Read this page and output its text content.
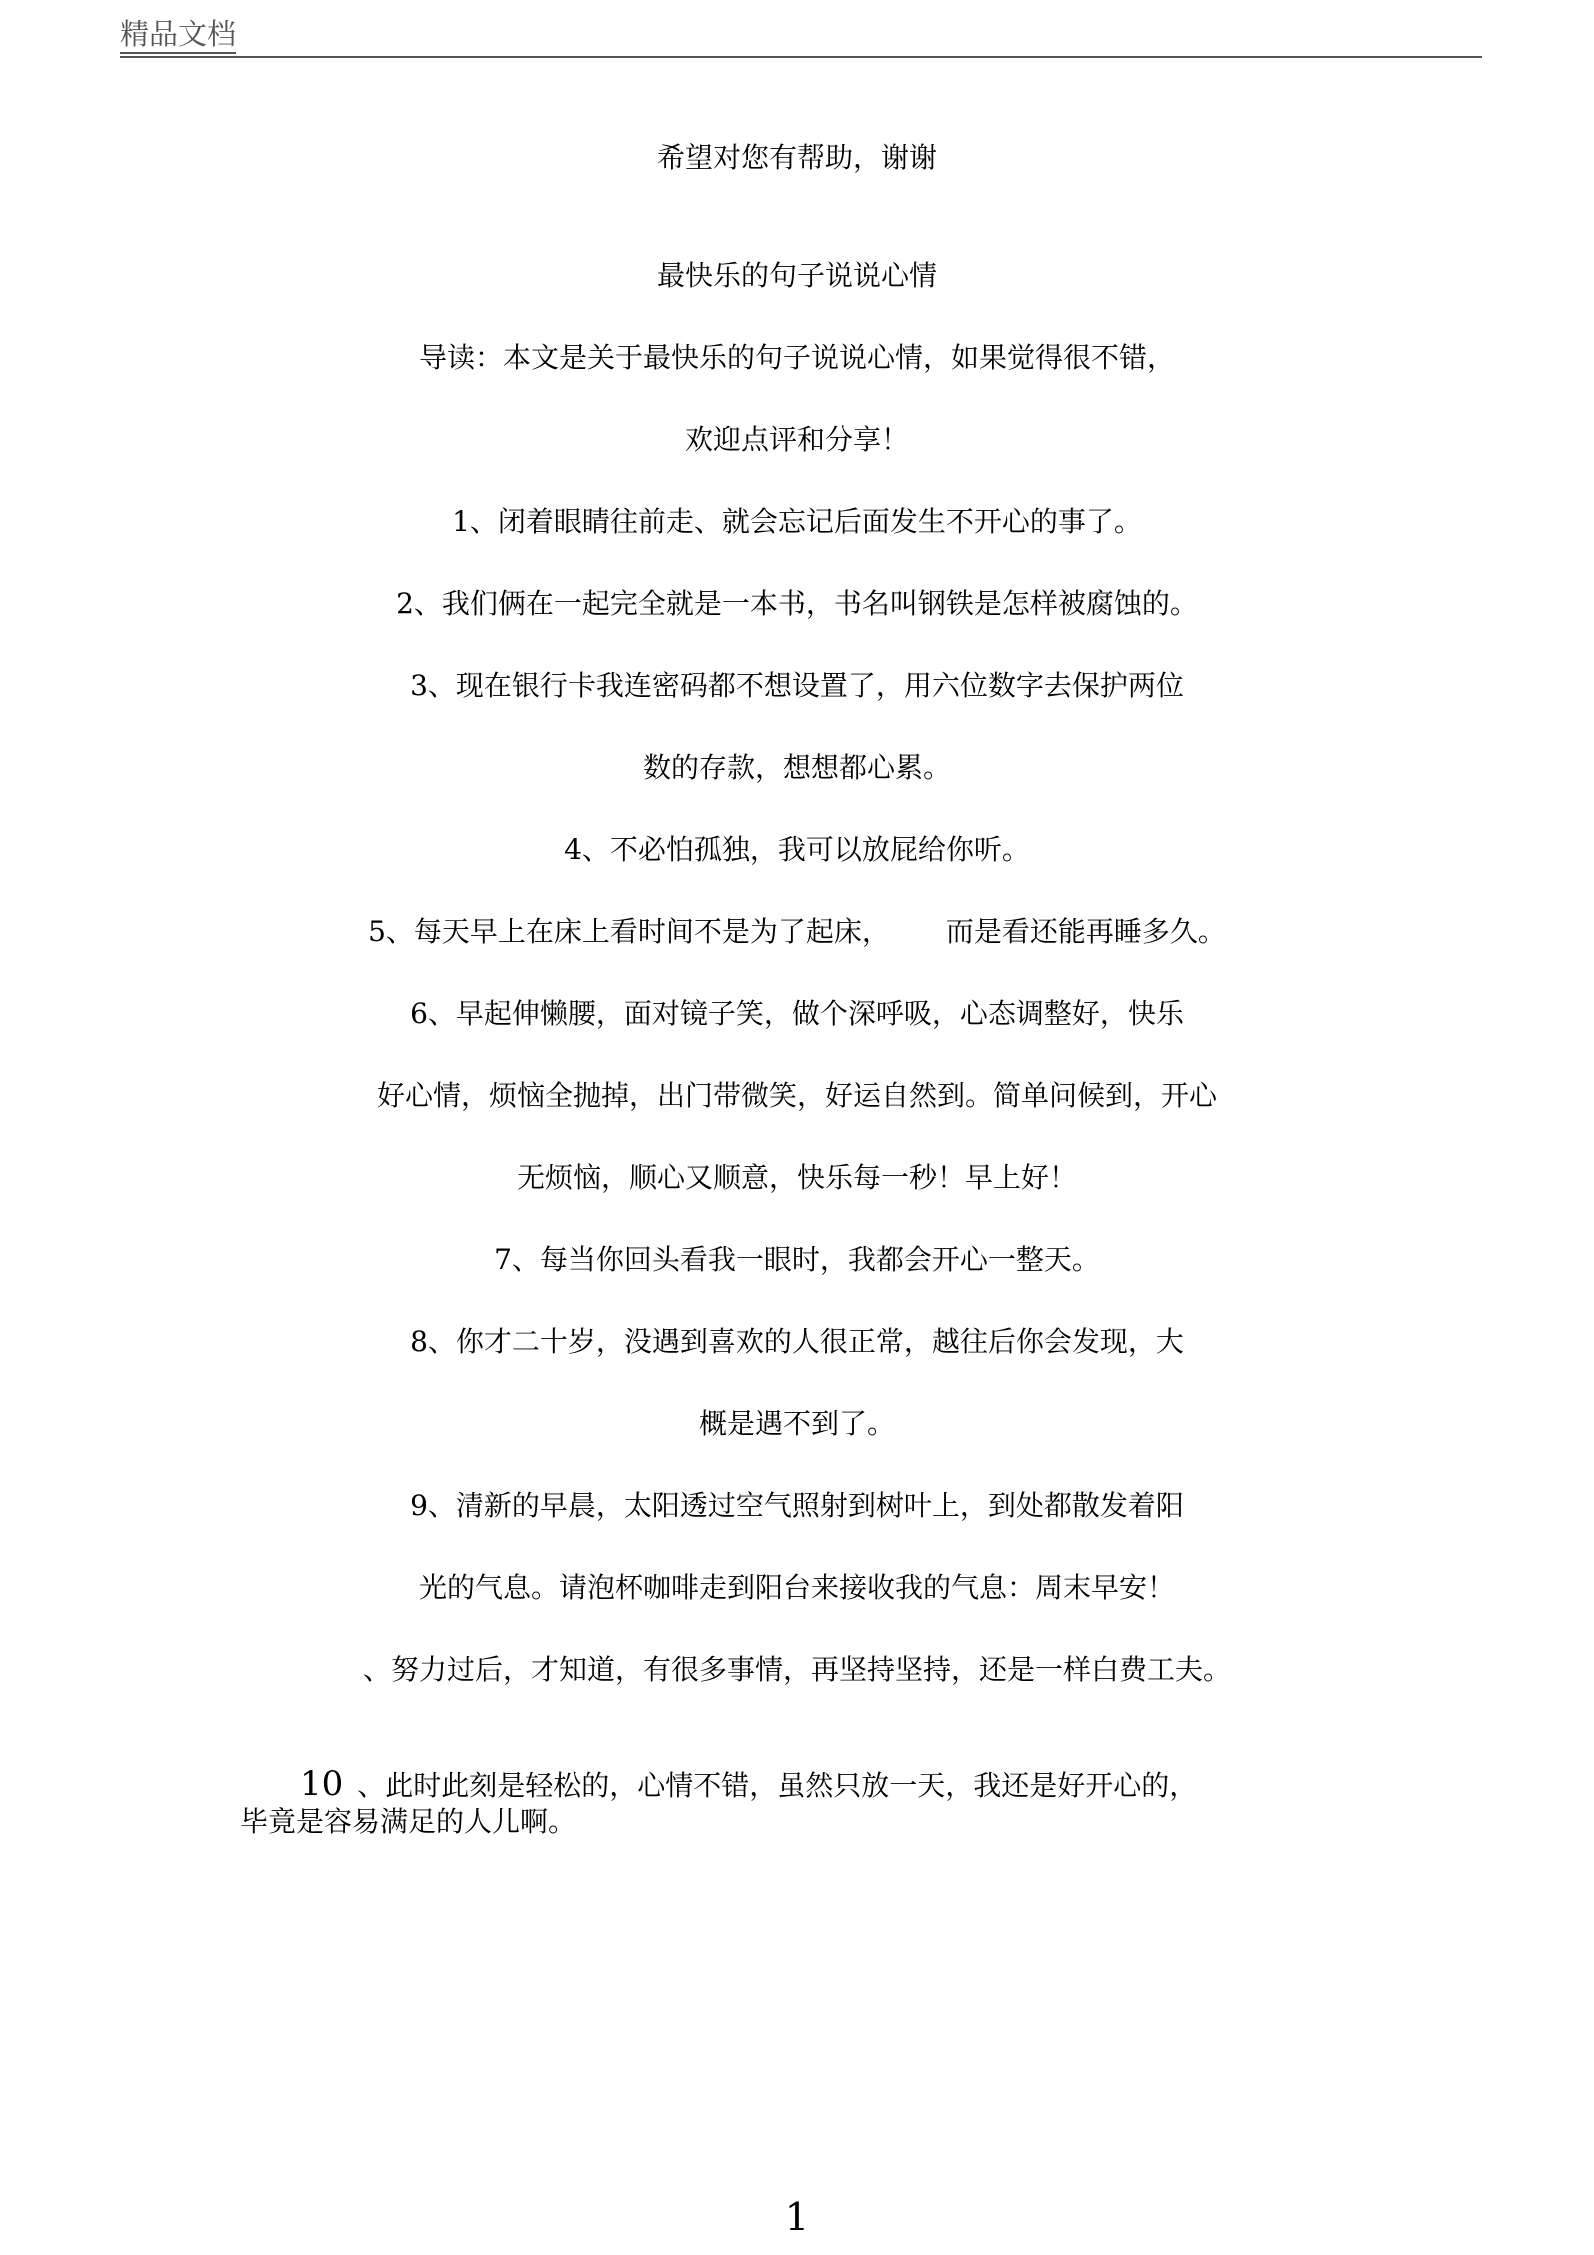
精品文档
希望对您有帮助，谢谢
最快乐的句子说说心情
导读：本文是关于最快乐的句子说说心情，如果觉得很不错，
欢迎点评和分享！
1、闭着眼睛往前走、就会忘记后面发生不开心的事了。
2、我们俩在一起完全就是一本书，书名叫钢铁是怎样被腐蚀的。
3、现在银行卡我连密码都不想设置了，用六位数字去保护两位
数的存款，想想都心累。
4、不必怕孤独，我可以放屁给你听。
5、每天早上在床上看时间不是为了起床， 而是看还能再睡多久。
6、早起伸懒腰，面对镜子笑，做个深呼吸，心态调整好，快乐
好心情，烦恼全抛掉，出门带微笑，好运自然到。简单问候到，开心
无烦恼，顺心又顺意，快乐每一秒！早上好！
7、每当你回头看我一眼时，我都会开心一整天。
8、你才二十岁，没遇到喜欢的人很正常，越往后你会发现，大
概是遇不到了。
9、清新的早晨，太阳透过空气照射到树叶上，到处都散发着阳
光的气息。请泡杯咖啡走到阳台来接收我的气息：周末早安！
、努力过后，才知道，有很多事情，再坚持坚持，还是一样白费工夫。
10 、此时此刻是轻松的，心情不错，虽然只放一天，我还是好开心的，
毕竟是容易满足的人儿啊。
1
